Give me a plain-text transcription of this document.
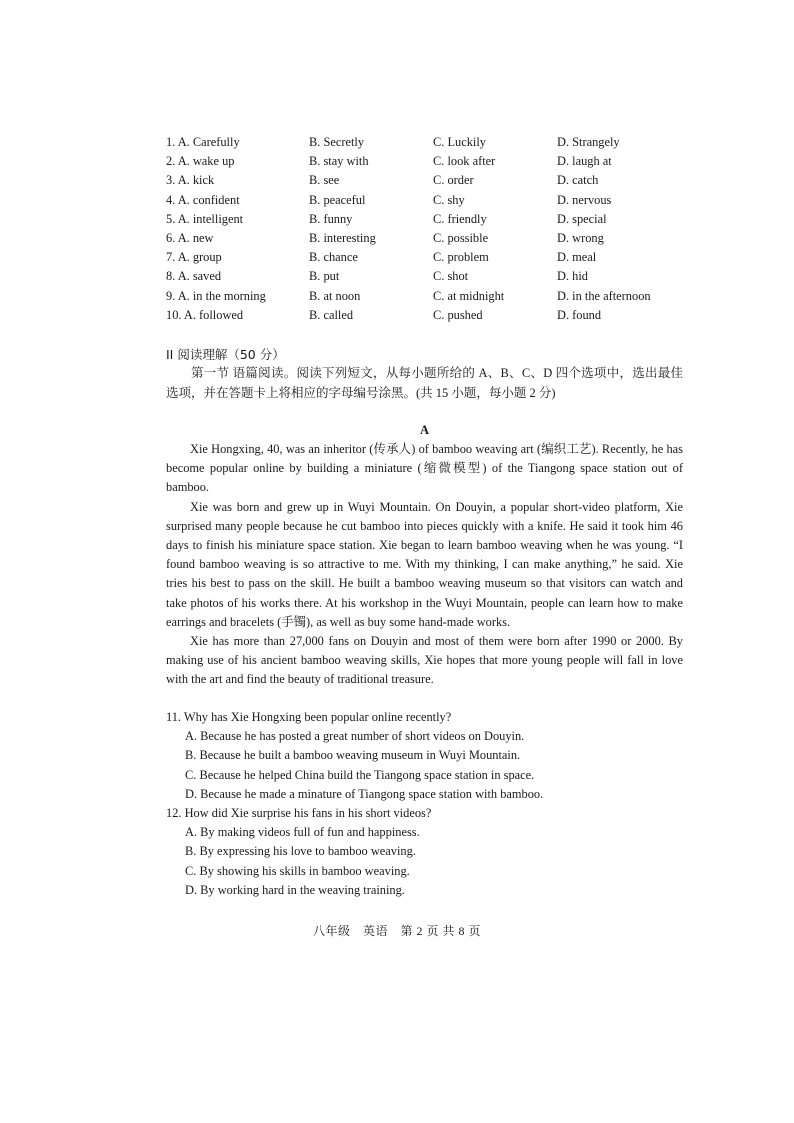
1. A. Carefully	B. Secretly	C. Luckily	D. Strangely
2. A. wake up	B. stay with	C. look after	D. laugh at
3. A. kick	B. see	C. order	D. catch
4. A. confident	B. peaceful	C. shy	D. nervous
5. A. intelligent	B. funny	C. friendly	D. special
6. A. new	B. interesting	C. possible	D. wrong
7. A. group	B. chance	C. problem	D. meal
8. A. saved	B. put	C. shot	D. hid
9. A. in the morning	B. at noon	C. at midnight	D. in the afternoon
10. A. followed	B. called	C. pushed	D. found
II 阅读理解（50 分）
第一节 语篇阅读。阅读下列短文，从每小题所给的 A、B、C、D 四个选项中，选出最佳选项，并在答题卡上将相应的字母编号涂黑。(共 15 小题，每小题 2 分)
A

Xie Hongxing, 40, was an inheritor (传承人) of bamboo weaving art (编织工艺). Recently, he has become popular online by building a miniature (缩微模型) of the Tiangong space station out of bamboo.

Xie was born and grew up in Wuyi Mountain. On Douyin, a popular short-video platform, Xie surprised many people because he cut bamboo into pieces quickly with a knife. He said it took him 46 days to finish his miniature space station. Xie began to learn bamboo weaving when he was young. “I found bamboo weaving is so attractive to me. With my thinking, I can make anything,” he said. Xie tries his best to pass on the skill. He built a bamboo weaving museum so that visitors can watch and take photos of his works there. At his workshop in the Wuyi Mountain, people can learn how to make earrings and bracelets (手镯), as well as buy some hand-made works.

Xie has more than 27,000 fans on Douyin and most of them were born after 1990 or 2000. By making use of his ancient bamboo weaving skills, Xie hopes that more young people will fall in love with the art and find the beauty of traditional treasure.

11. Why has Xie Hongxing been popular online recently?

A. Because he has posted a great number of short videos on Douyin.

B. Because he built a bamboo weaving museum in Wuyi Mountain.

C. Because he helped China build the Tiangong space station in space.

D. Because he made a minature of Tiangong space station with bamboo.

12. How did Xie surprise his fans in his short videos?

A. By making videos full of fun and happiness.

B. By expressing his love to bamboo weaving.

C. By showing his skills in bamboo weaving.

D. By working hard in the weaving training.

八年级　英语　第 2 页 共 8 页
